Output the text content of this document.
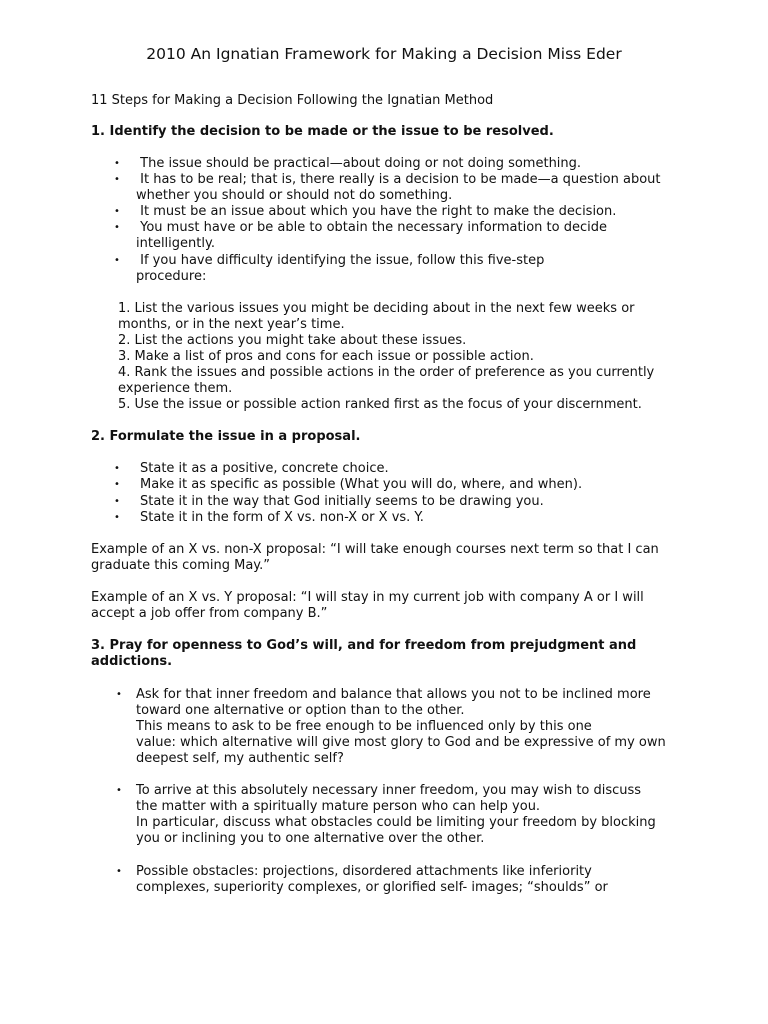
2010 An Ignatian Framework for Making a Decision Miss Eder
11 Steps for Making a Decision Following the Ignatian Method
1. Identify the decision to be made or the issue to be resolved.
• The issue should be practical—about doing or not doing something.
•	It has to be real; that is, there really is a decision to be made—a question about
whether you should or should not do something.
• It must be an issue about which you have the right to make the decision.
•	You must have or be able to obtain the necessary information to decide
intelligently.
•	If you have difficulty identifying the issue, follow this five-step
procedure:
1. List the various issues you might be deciding about in the next few weeks or
months, or in the next year’s time.
2. List the actions you might take about these issues.
3. Make a list of pros and cons for each issue or possible action.
4. Rank the issues and possible actions in the order of preference as you currently
experience them.
5. Use the issue or possible action ranked first as the focus of your discernment.
2. Formulate the issue in a proposal.
• State it as a positive, concrete choice.
• Make it as specific as possible (What you will do, where, and when).
• State it in the way that God initially seems to be drawing you.
• State it in the form of X vs. non-X or X vs. Y.
Example of an X vs. non-X proposal: “I will take enough courses next term so that I can
graduate this coming May.”
Example of an X vs. Y proposal: “I will stay in my current job with company A or I will
accept a job offer from company B.”
3. Pray for openness to God’s will, and for freedom from prejudgment and
addictions.
• Ask for that inner freedom and balance that allows you not to be inclined more
toward one alternative or option than to the other.
This means to ask to be free enough to be influenced only by this one
value: which alternative will give most glory to God and be expressive of my own
deepest self, my authentic self?
• To arrive at this absolutely necessary inner freedom, you may wish to discuss
the matter with a spiritually mature person who can help you.
In particular, discuss what obstacles could be limiting your freedom by blocking
you or inclining you to one alternative over the other.
• Possible obstacles: projections, disordered attachments like inferiority
complexes, superiority complexes, or glorified self- images; “shoulds” or
